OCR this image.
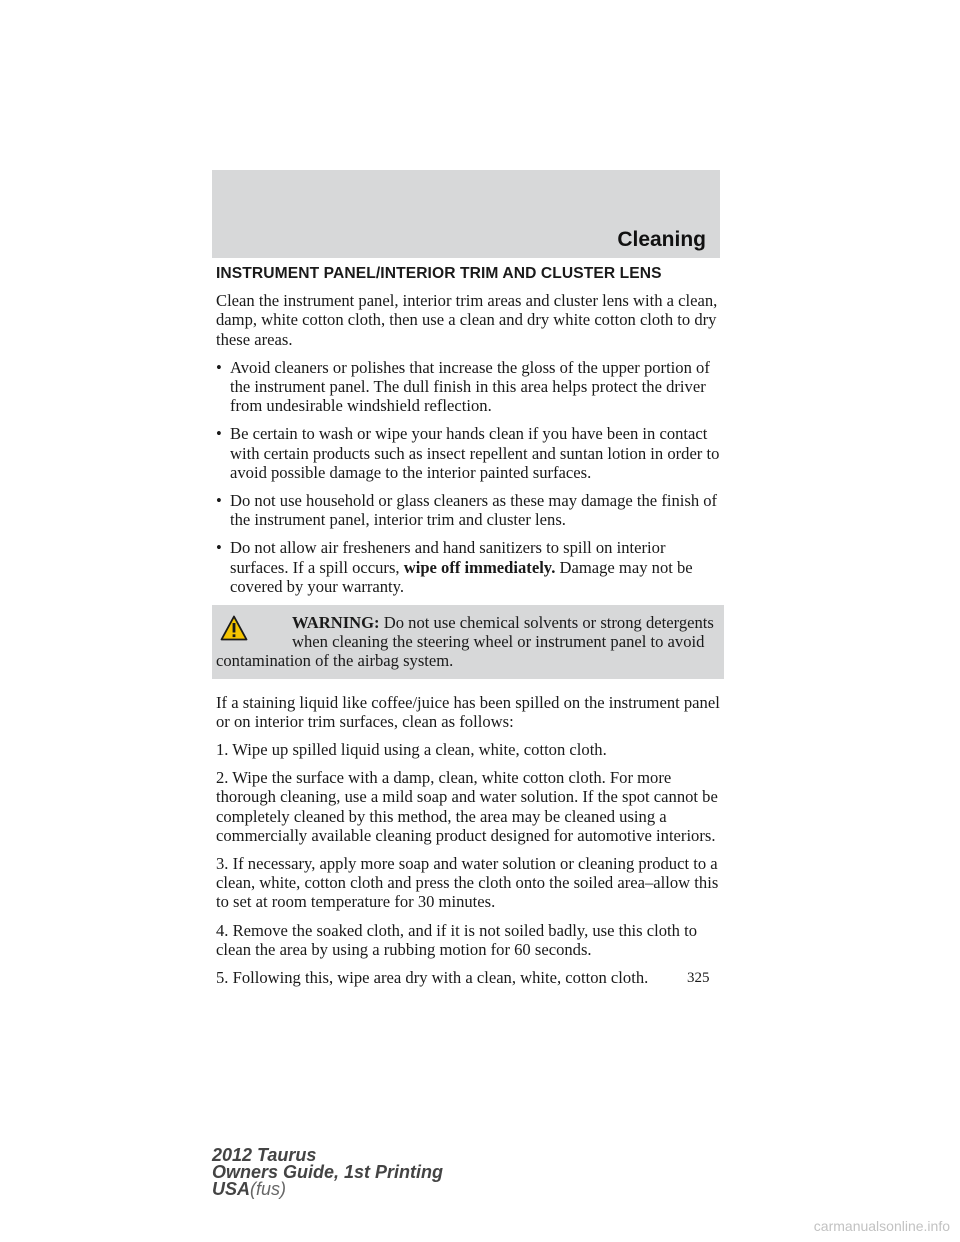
Cleaning
INSTRUMENT PANEL/INTERIOR TRIM AND CLUSTER LENS

Clean the instrument panel, interior trim areas and cluster lens with a clean, damp, white cotton cloth, then use a clean and dry white cotton cloth to dry these areas.

• Avoid cleaners or polishes that increase the gloss of the upper portion of the instrument panel. The dull finish in this area helps protect the driver from undesirable windshield reflection.
• Be certain to wash or wipe your hands clean if you have been in contact with certain products such as insect repellent and suntan lotion in order to avoid possible damage to the interior painted surfaces.
• Do not use household or glass cleaners as these may damage the finish of the instrument panel, interior trim and cluster lens.
• Do not allow air fresheners and hand sanitizers to spill on interior surfaces. If a spill occurs, wipe off immediately. Damage may not be covered by your warranty.
WARNING: Do not use chemical solvents or strong detergents when cleaning the steering wheel or instrument panel to avoid
contamination of the airbag system.

If a staining liquid like coffee/juice has been spilled on the instrument panel or on interior trim surfaces, clean as follows:

1. Wipe up spilled liquid using a clean, white, cotton cloth.

2. Wipe the surface with a damp, clean, white cotton cloth. For more thorough cleaning, use a mild soap and water solution. If the spot cannot be completely cleaned by this method, the area may be cleaned using a commercially available cleaning product designed for automotive interiors.

3. If necessary, apply more soap and water solution or cleaning product to a clean, white, cotton cloth and press the cloth onto the soiled area–allow this to set at room temperature for 30 minutes.

4. Remove the soaked cloth, and if it is not soiled badly, use this cloth to clean the area by using a rubbing motion for 60 seconds.

5. Following this, wipe area dry with a clean, white, cotton cloth.	325
2012 Taurus
Owners Guide, 1st Printing
USA(fus)
carmanualsonline.info
